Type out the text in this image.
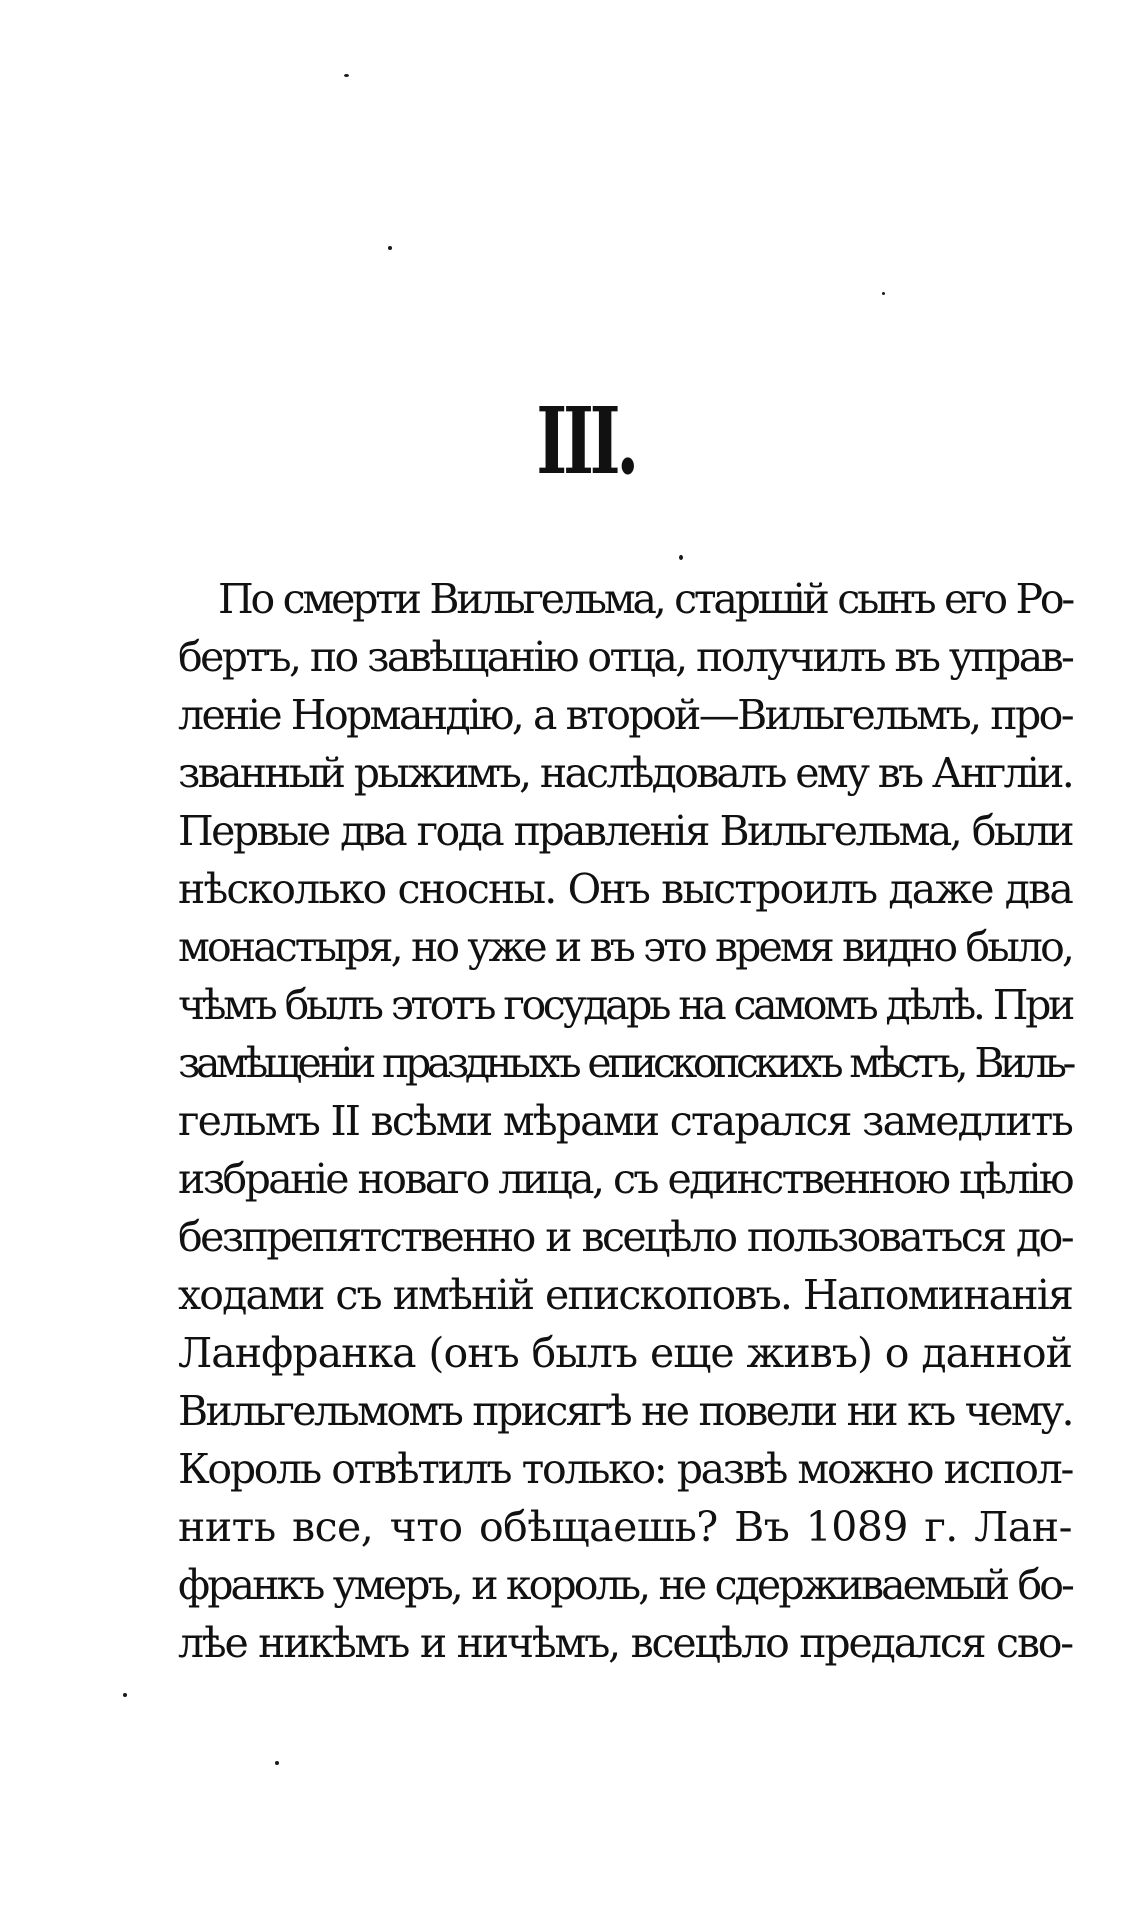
III.
По смерти Вильгельма, старшій сынъ его Ро-
бертъ, по завѣщанію отца, получилъ въ управ-
леніе Нормандію, а второй—Вильгельмъ, про-
званный рыжимъ, наслѣдовалъ ему въ Англіи.
Первые два года правленія Вильгельма, были
нѣсколько сносны. Онъ выстроилъ даже два
монастыря, но уже и въ это время видно было,
чѣмъ былъ этотъ государь на самомъ дѣлѣ. При
замѣщеніи праздныхъ епископскихъ мѣстъ, Виль-
гельмъ II всѣми мѣрами старался замедлить
избраніе новаго лица, съ единственною цѣлію
безпрепятственно и всецѣло пользоваться до-
ходами съ имѣній епископовъ. Напоминанія
Ланфранка (онъ былъ еще живъ) о данной
Вильгельмомъ присягѣ не повели ни къ чему.
Король отвѣтилъ только: развѣ можно испол-
нить все, что обѣщаешь? Въ 1089 г. Лан-
франкъ умеръ, и король, не сдерживаемый бо-
лѣе никѣмъ и ничѣмъ, всецѣло предался сво-
